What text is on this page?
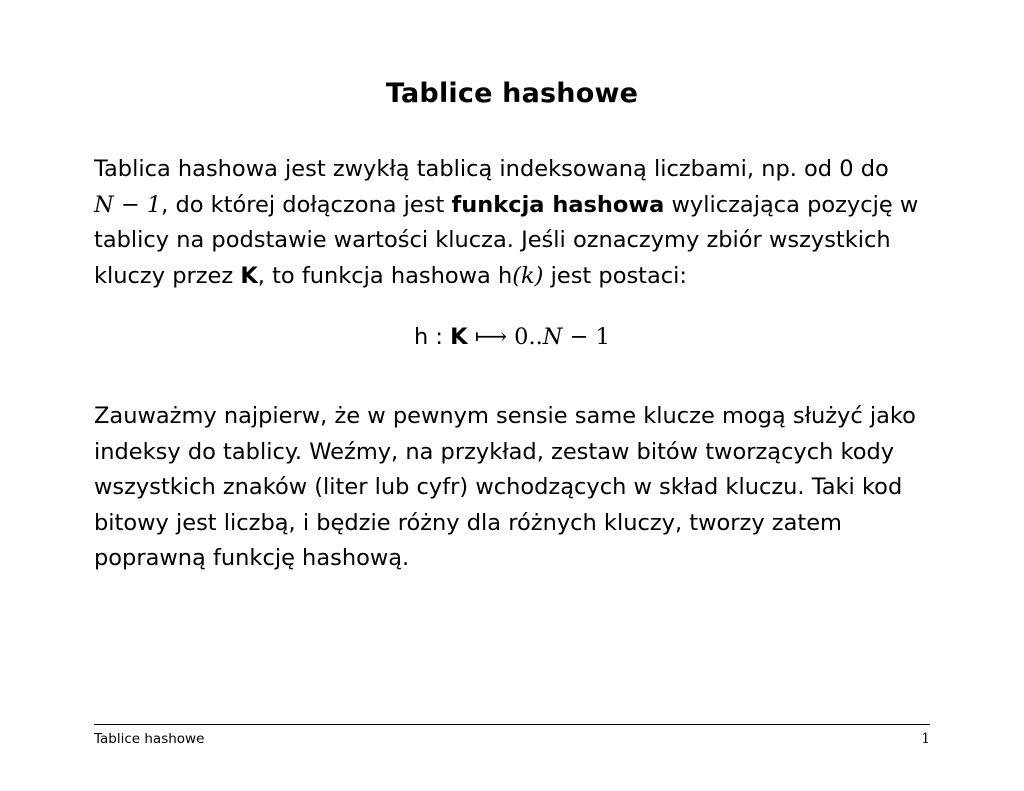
Tablice hashowe
Tablica hashowa jest zwykłą tablicą indeksowaną liczbami, np. od 0 do
N − 1, do której dołączona jest funkcja hashowa wyliczająca pozycję w
tablicy na podstawie wartości klucza. Jeśli oznaczymy zbiór wszystkich
kluczy przez K, to funkcja hashowa h(k) jest postaci:
h : K ⟼ 0..N − 1
Zauważmy najpierw, że w pewnym sensie same klucze mogą służyć jako
indeksy do tablicy. Weźmy, na przykład, zestaw bitów tworzących kody
wszystkich znaków (liter lub cyfr) wchodzących w skład kluczu. Taki kod
bitowy jest liczbą, i będzie różny dla różnych kluczy, tworzy zatem
poprawną funkcję hashową.
Tablice hashowe	1
